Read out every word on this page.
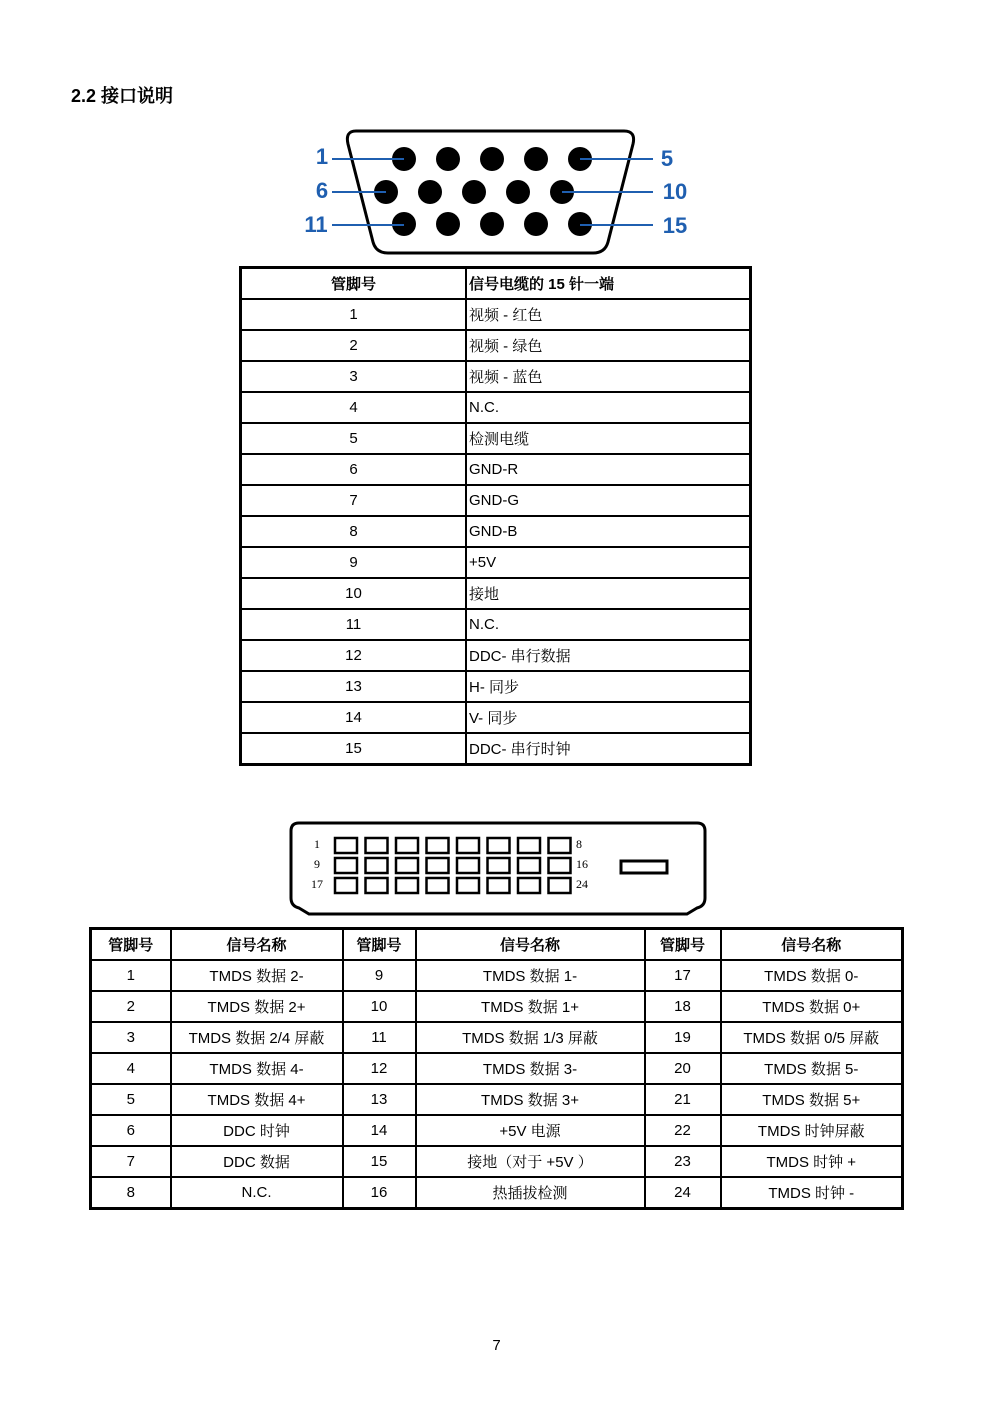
2.2 接口说明
1
6
11
5
10
15
管脚号	信号电缆的 15 针一端
1	视频 - 红色
2	视频 - 绿色
3	视频 - 蓝色
4	N.C.
5	检测电缆
6	GND-R
7	GND-G
8	GND-B
9	+5V
10	接地
11	N.C.
12	DDC- 串行数据
13	H- 同步
14	V- 同步
15	DDC- 串行时钟
1
9
17
8
16
24
管脚号	信号名称	管脚号	信号名称	管脚号	信号名称
1	TMDS 数据 2-	9	TMDS 数据 1-	17	TMDS 数据 0-
2	TMDS 数据 2+	10	TMDS 数据 1+	18	TMDS 数据 0+
3	TMDS 数据 2/4 屏蔽	11	TMDS 数据 1/3 屏蔽	19	TMDS 数据 0/5 屏蔽
4	TMDS 数据 4-	12	TMDS 数据 3-	20	TMDS 数据 5-
5	TMDS 数据 4+	13	TMDS 数据 3+	21	TMDS 数据 5+
6	DDC 时钟	14	+5V 电源	22	TMDS 时钟屏蔽
7	DDC 数据	15	接地（对于 +5V ）	23	TMDS 时钟 +
8	N.C.	16	热插拔检测	24	TMDS 时钟 -
7
